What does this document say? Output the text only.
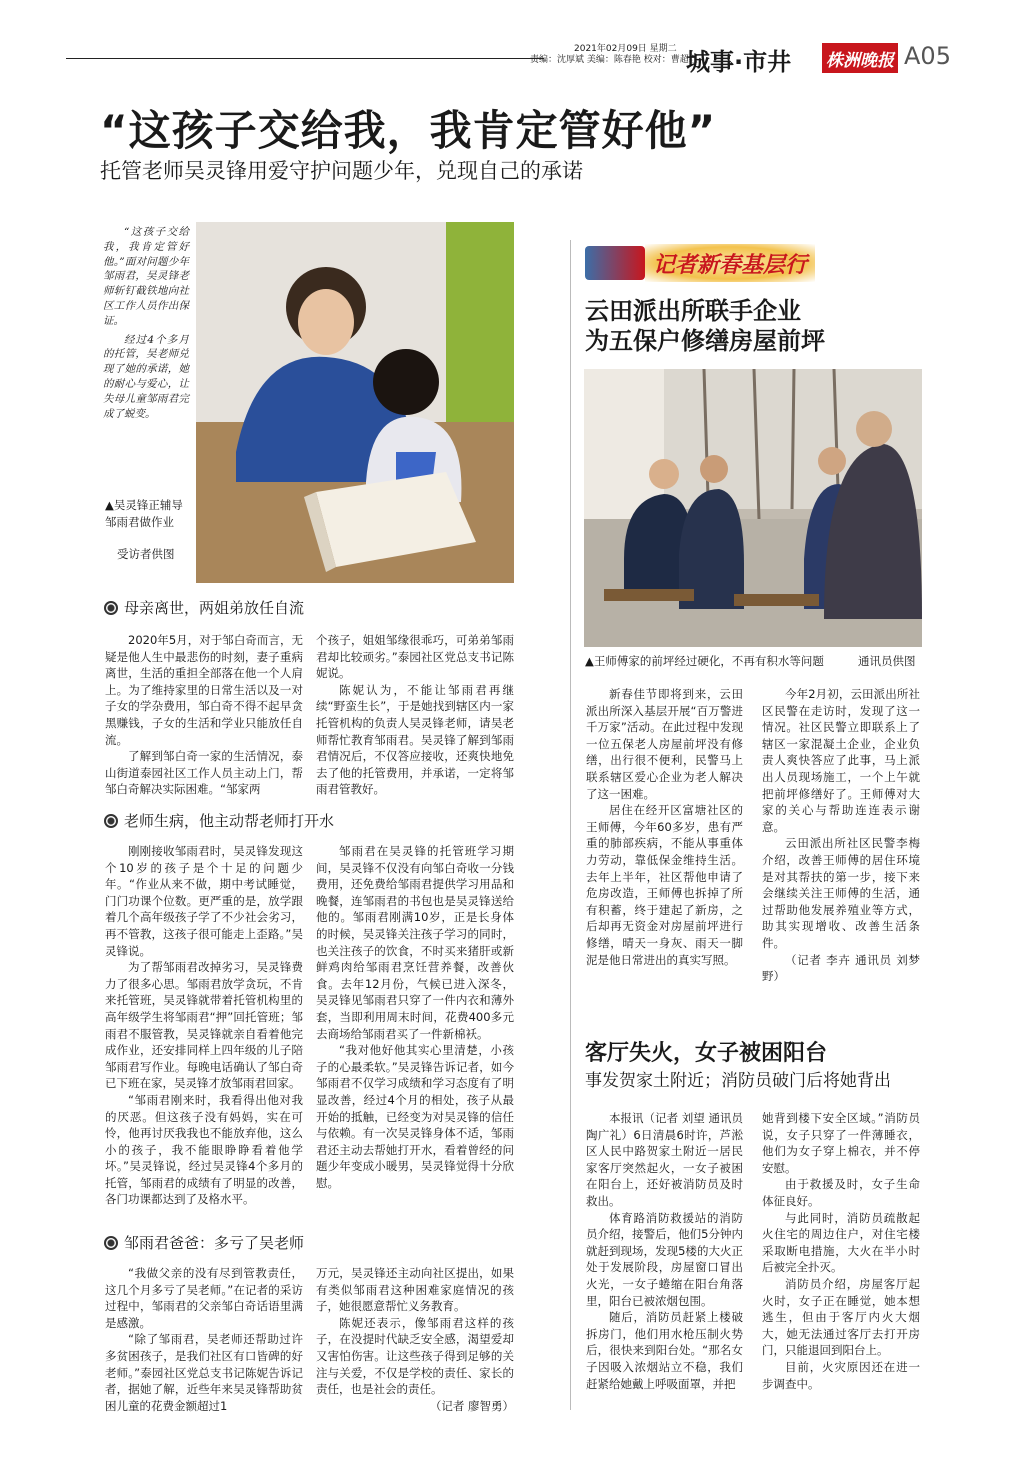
2021年02月09日 星期二
责编：沈厚斌 美编：陈春艳 校对：曹超红
城事·市井 株洲晚报 A05
“这孩子交给我，我肯定管好他”
托管老师吴灵锋用爱守护问题少年，兑现自己的承诺
“这孩子交给我，我肯定管好他。”面对问题少年邹雨君，吴灵锋老师斩钉截铁地向社区工作人员作出保证。
经过4个多月的托管，吴老师兑现了她的承诺，她的耐心与爱心，让失母儿童邹雨君完成了蜕变。
▲吴灵锋正辅导邹雨君做作业
受访者供图
母亲离世，两姐弟放任自流

2020年5月，对于邹白奇而言，无疑是他人生中最悲伤的时刻，妻子重病离世，生活的重担全部落在他一个人肩上。为了维持家里的日常生活以及一对子女的学杂费用，邹白奇不得不起早贪黑赚钱，子女的生活和学业只能放任自流。

了解到邹白奇一家的生活情况，泰山街道泰园社区工作人员主动上门，帮邹白奇解决实际困难。“邹家两

个孩子，姐姐邹缘很乖巧，可弟弟邹雨君却比较顽劣。”泰园社区党总支书记陈妮说。

陈妮认为，不能让邹雨君再继续“野蛮生长”，于是她找到辖区内一家托管机构的负责人吴灵锋老师，请吴老师帮忙教育邹雨君。吴灵锋了解到邹雨君情况后，不仅答应接收，还爽快地免去了他的托管费用，并承诺，一定将邹雨君管教好。

老师生病，他主动帮老师打开水

刚刚接收邹雨君时，吴灵锋发现这个10岁的孩子是个十足的问题少年。“作业从来不做，期中考试睡觉，门门功课个位数。更严重的是，放学跟着几个高年级孩子学了不少社会劣习，再不管教，这孩子很可能走上歪路。”吴灵锋说。

为了帮邹雨君改掉劣习，吴灵锋费力了很多心思。邹雨君放学贪玩，不肯来托管班，吴灵锋就带着托管机构里的高年级学生将邹雨君“押”回托管班；邹雨君不服管教，吴灵锋就亲自看着他完成作业，还安排同样上四年级的儿子陪邹雨君写作业。每晚电话确认了邹白奇已下班在家，吴灵锋才放邹雨君回家。

“邹雨君刚来时，我看得出他对我的厌恶。但这孩子没有妈妈，实在可怜，他再讨厌我我也不能放弃他，这么小的孩子，我不能眼睁睁看着他学坏。”吴灵锋说，经过吴灵锋4个多月的托管，邹雨君的成绩有了明显的改善，各门功课都达到了及格水平。

邹雨君在吴灵锋的托管班学习期间，吴灵锋不仅没有向邹白奇收一分钱费用，还免费给邹雨君提供学习用品和晚餐，连邹雨君的书包也是吴灵锋送给他的。邹雨君刚满10岁，正是长身体的时候，吴灵锋关注孩子学习的同时，也关注孩子的饮食，不时买来猪肝或新鲜鸡肉给邹雨君烹饪营养餐，改善伙食。去年12月份，气候已进入深冬，吴灵锋见邹雨君只穿了一件内衣和薄外套，当即利用周末时间，花费400多元去商场给邹雨君买了一件新棉袄。

“我对他好他其实心里清楚，小孩子的心最柔软。”吴灵锋告诉记者，如今邹雨君不仅学习成绩和学习态度有了明显改善，经过4个月的相处，孩子从最开始的抵触，已经变为对吴灵锋的信任与依赖。有一次吴灵锋身体不适，邹雨君还主动去帮她打开水，看着曾经的问题少年变成小暖男，吴灵锋觉得十分欣慰。

邹雨君爸爸：多亏了吴老师

“我做父亲的没有尽到管教责任，这几个月多亏了吴老师。”在记者的采访过程中，邹雨君的父亲邹白奇话语里满是感激。

“除了邹雨君，吴老师还帮助过许多贫困孩子，是我们社区有口皆碑的好老师。”泰园社区党总支书记陈妮告诉记者，据她了解，近些年来吴灵锋帮助贫困儿童的花费金额超过1

万元，吴灵锋还主动向社区提出，如果有类似邹雨君这种困难家庭情况的孩子，她很愿意帮忙义务教育。

陈妮还表示，像邹雨君这样的孩子，在没提时代缺乏安全感，渴望爱却又害怕伤害。让这些孩子得到足够的关注与关爱，不仅是学校的责任、家长的责任，也是社会的责任。

（记者 廖智勇）

记者新春基层行
云田派出所联手企业
为五保户修缮房屋前坪
▲王师傅家的前坪经过硬化，不再有积水等问题	通讯员供图

新春佳节即将到来，云田派出所深入基层开展“百万警进千万家”活动。在此过程中发现一位五保老人房屋前坪没有修缮，出行很不便利，民警马上联系辖区爱心企业为老人解决了这一困难。

居住在经开区富塘社区的王师傅，今年60多岁，患有严重的肺部疾病，不能从事重体力劳动，靠低保金维持生活。去年上半年，社区帮他申请了危房改造，王师傅也拆掉了所有积蓄，终于建起了新房，之后却再无资金对房屋前坪进行修缮，晴天一身灰、雨天一脚泥是他日常进出的真实写照。

今年2月初，云田派出所社区民警在走访时，发现了这一情况。社区民警立即联系上了辖区一家混凝土企业，企业负责人爽快答应了此事，马上派出人员现场施工，一个上午就把前坪修缮好了。王师傅对大家的关心与帮助连连表示谢意。

云田派出所社区民警李梅介绍，改善王师傅的居住环境是对其帮扶的第一步，接下来会继续关注王师傅的生活，通过帮助他发展养殖业等方式，助其实现增收、改善生活条件。

（记者 李卉 通讯员 刘梦野）

客厅失火，女子被困阳台
事发贺家土附近；消防员破门后将她背出

本报讯（记者 刘望 通讯员 陶广礼）6日清晨6时许，芦淞区人民中路贺家土附近一居民家客厅突然起火，一女子被困在阳台上，还好被消防员及时救出。

体育路消防救援站的消防员介绍，接警后，他们5分钟内就赶到现场，发现5楼的大火正处于发展阶段，房屋窗口冒出火光，一女子蜷缩在阳台角落里，阳台已被浓烟包围。

随后，消防员赶紧上楼破拆房门，他们用水枪压制火势后，很快来到阳台处。“那名女子因吸入浓烟站立不稳，我们赶紧给她戴上呼吸面罩，并把

她背到楼下安全区域。”消防员说，女子只穿了一件薄睡衣，他们为女子穿上棉衣，并不停安慰。

由于救援及时，女子生命体征良好。

与此同时，消防员疏散起火住宅的周边住户，对住宅楼采取断电措施，大火在半小时后被完全扑灭。

消防员介绍，房屋客厅起火时，女子正在睡觉，她本想逃生，但由于客厅内火大烟大，她无法通过客厅去打开房门，只能退回到阳台上。

目前，火灾原因还在进一步调查中。
